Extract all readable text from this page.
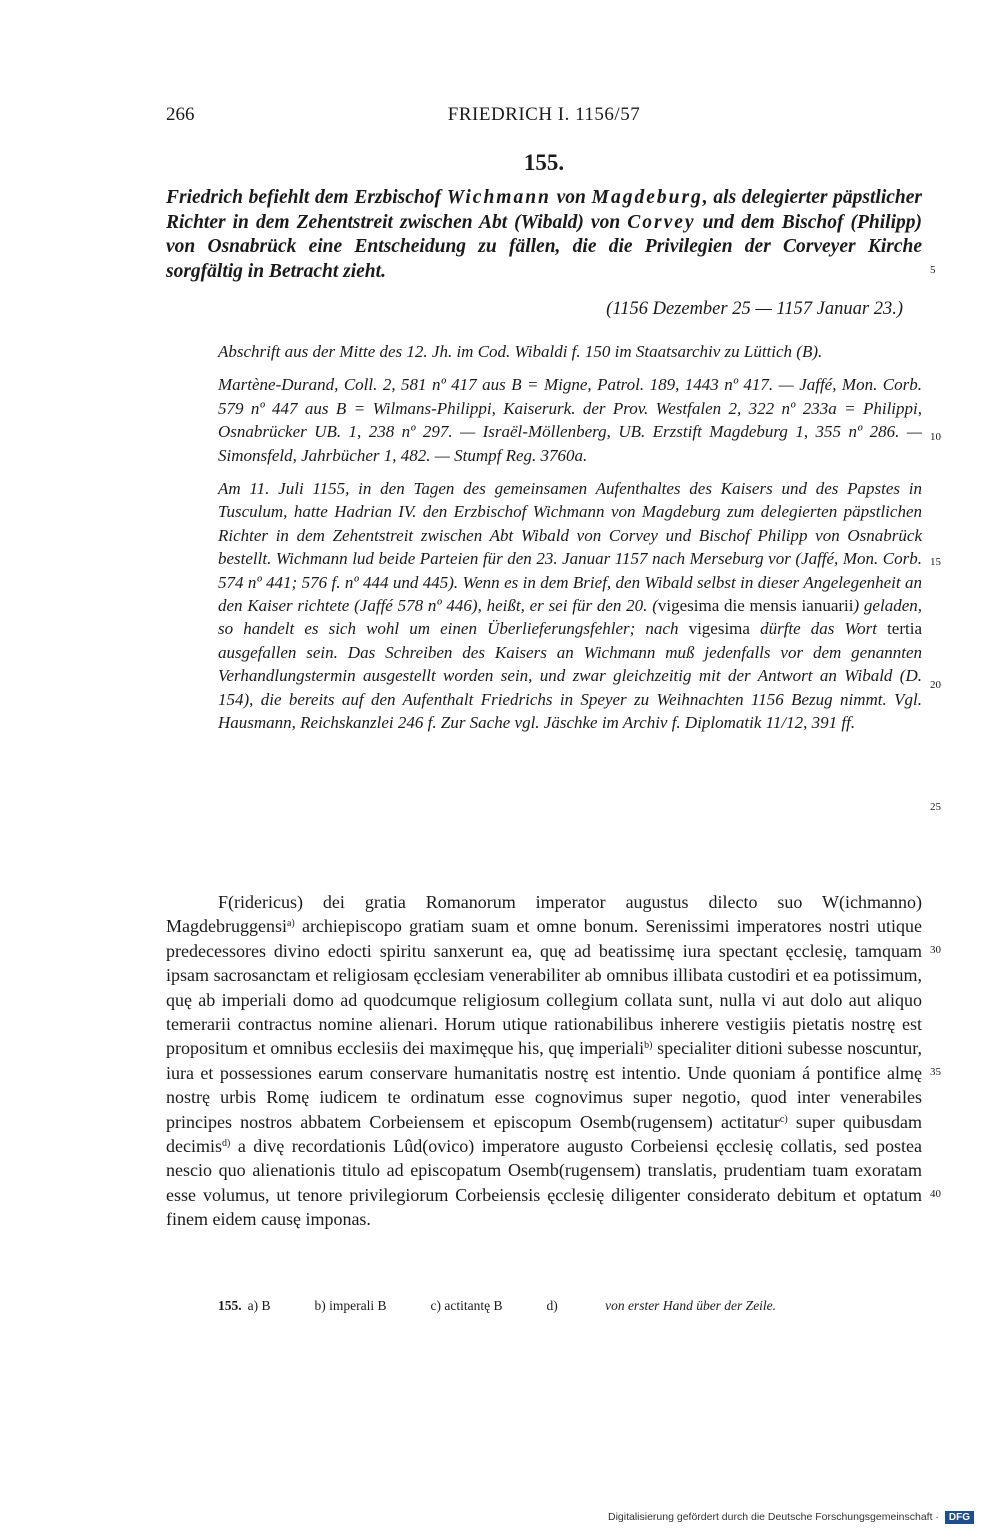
266	FRIEDRICH I. 1156/57
155.
Friedrich befiehlt dem Erzbischof Wichmann von Magdeburg, als delegierter päpstlicher Richter in dem Zehentstreit zwischen Abt (Wibald) von Corvey und dem Bischof (Philipp) von Osnabrück eine Entscheidung zu fällen, die die Privilegien der Corveyer Kirche sorgfältig in Betracht zieht.
(1156 Dezember 25 — 1157 Januar 23.)

Abschrift aus der Mitte des 12. Jh. im Cod. Wibaldi f. 150 im Staatsarchiv zu Lüttich (B).

Martène-Durand, Coll. 2, 581 nº 417 aus B = Migne, Patrol. 189, 1443 nº 417. — Jaffé, Mon. Corb. 579 nº 447 aus B = Wilmans-Philippi, Kaiserurk. der Prov. Westfalen 2, 322 nº 233a = Philippi, Osnabrücker UB. 1, 238 nº 297. — Israël-Möllenberg, UB. Erzstift Magdeburg 1, 355 nº 286. — Simonsfeld, Jahrbücher 1, 482. — Stumpf Reg. 3760a.

Am 11. Juli 1155, in den Tagen des gemeinsamen Aufenthaltes des Kaisers und des Papstes in Tusculum, hatte Hadrian IV. den Erzbischof Wichmann von Magdeburg zum delegierten päpstlichen Richter in dem Zehentstreit zwischen Abt Wibald von Corvey und Bischof Philipp von Osnabrück bestellt. Wichmann lud beide Parteien für den 23. Januar 1157 nach Merseburg vor (Jaffé, Mon. Corb. 574 nº 441; 576 f. nº 444 und 445). Wenn es in dem Brief, den Wibald selbst in dieser Angelegenheit an den Kaiser richtete (Jaffé 578 nº 446), heißt, er sei für den 20. (vigesima die mensis ianuarii) geladen, so handelt es sich wohl um einen Überlieferungsfehler; nach vigesima dürfte das Wort tertia ausgefallen sein. Das Schreiben des Kaisers an Wichmann muß jedenfalls vor dem genannten Verhandlungstermin ausgestellt worden sein, und zwar gleichzeitig mit der Antwort an Wibald (D. 154), die bereits auf den Aufenthalt Friedrichs in Speyer zu Weihnachten 1156 Bezug nimmt. Vgl. Hausmann, Reichskanzlei 246 f. Zur Sache vgl. Jäschke im Archiv f. Diplomatik 11/12, 391 ff.

F(ridericus) dei gratia Romanorum imperator augustus dilecto suo W(ichmanno) Magdebruggensi$^{a)}$ archiepiscopo gratiam suam et omne bonum. Serenissimi imperatores nostri utique predecessores divino edocti spiritu sanxerunt ea, quę ad beatissimę iura spectant ęcclesię, tamquam ipsam sacrosanctam et religiosam ęcclesiam venerabiliter ab omnibus illibata custodiri et ea potissimum, quę ab imperiali domo ad quodcumque religiosum collegium collata sunt, nulla vi aut dolo aut aliquo temerarii contractus nomine alienari. Horum utique rationabilibus inherere vestigiis pietatis nostrę est propositum et omnibus ecclesiis dei maximęque his, quę imperiali$^{b)}$ specialiter ditioni subesse noscuntur, iura et possessiones earum conservare humanitatis nostrę est intentio. Unde quoniam á pontifice almę nostrę urbis Romę iudicem te ordinatum esse cognovimus super negotio, quod inter venerabiles principes nostros abbatem Corbeiensem et episcopum Osemb(rugensem) actitatur$^{c)}$ super quibusdam decimis$^{d)}$ a divę recordationis Lûd(ovico) imperatore augusto Corbeiensi ęcclesię collatis, sed postea nescio quo alienationis titulo ad episcopatum Osemb(rugensem) translatis, prudentiam tuam exoratam esse volumus, ut tenore privilegiorum Corbeiensis ęcclesię diligenter considerato debitum et optatum finem eidem causę imponas.

5
10
15
20
25
30
35
40
155. a) B	b) imperali B	c) actitantę B	d)	von erster Hand über der Zeile.
Digitalisierung gefördert durch die Deutsche Forschungsgemeinschaft · DFG
